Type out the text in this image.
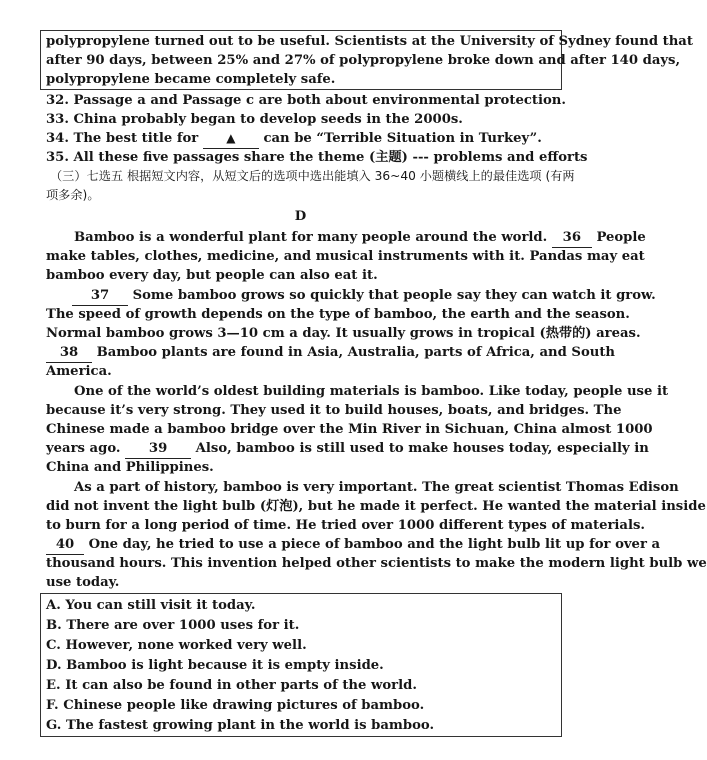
polypropylene turned out to be useful. Scientists at the University of Sydney found that
after 90 days, between 25% and 27% of polypropylene broke down and after 140 days,
polypropylene became completely safe.
32. Passage a and Passage c are both about environmental protection.
33. China probably began to develop seeds in the 2000s.
34. The best title for ▲ can be “Terrible Situation in Turkey”.
35. All these five passages share the theme (主题) --- problems and efforts
（三）七选五 根据短文内容，从短文后的选项中选出能填入 36~40 小题横线上的最佳选项 (有两
项多余)。
D
Bamboo is a wonderful plant for many people around the world. 36 People
make tables, clothes, medicine, and musical instruments with it. Pandas may eat
bamboo every day, but people can also eat it.
37 Some bamboo grows so quickly that people say they can watch it grow.
The speed of growth depends on the type of bamboo, the earth and the season.
Normal bamboo grows 3—10 cm a day. It usually grows in tropical (热带的) areas.
38 Bamboo plants are found in Asia, Australia, parts of Africa, and South
America.
One of the world’s oldest building materials is bamboo. Like today, people use it
because it’s very strong. They used it to build houses, boats, and bridges. The
Chinese made a bamboo bridge over the Min River in Sichuan, China almost 1000
years ago. 39 Also, bamboo is still used to make houses today, especially in
China and Philippines.
As a part of history, bamboo is very important. The great scientist Thomas Edison
did not invent the light bulb (灯泡), but he made it perfect. He wanted the material inside
to burn for a long period of time. He tried over 1000 different types of materials.
40 One day, he tried to use a piece of bamboo and the light bulb lit up for over a
thousand hours. This invention helped other scientists to make the modern light bulb we
use today.
A. You can still visit it today.
B. There are over 1000 uses for it.
C. However, none worked very well.
D. Bamboo is light because it is empty inside.
E. It can also be found in other parts of the world.
F. Chinese people like drawing pictures of bamboo.
G. The fastest growing plant in the world is bamboo.
